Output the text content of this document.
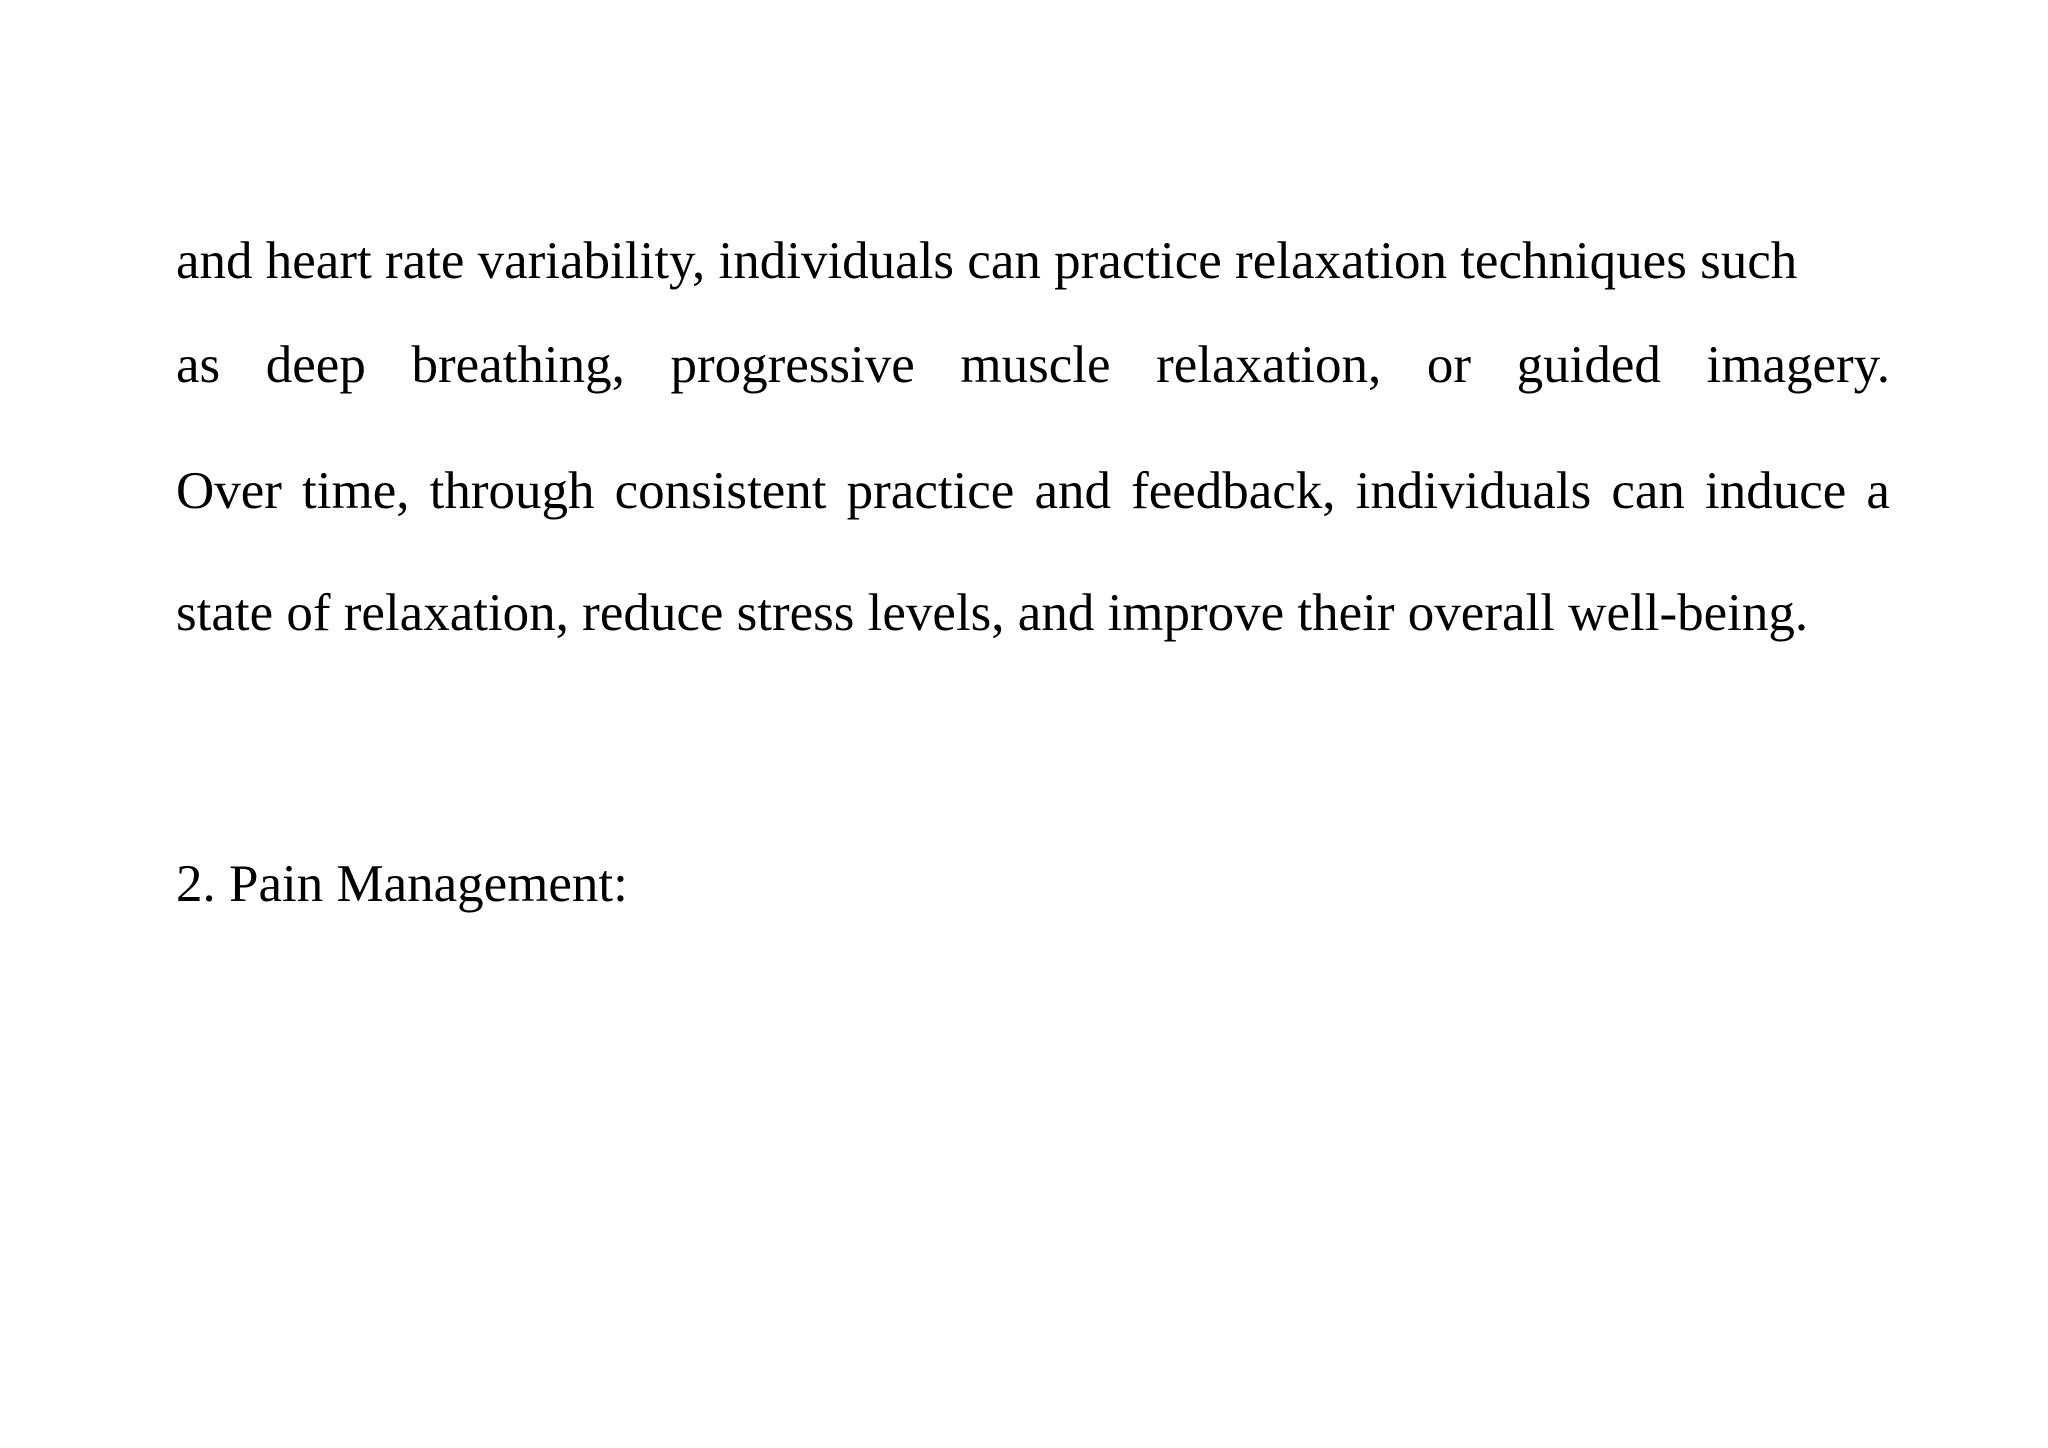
and heart rate variability, individuals can practice relaxation techniques such

as deep breathing, progressive muscle relaxation, or guided imagery.

Over time, through consistent practice and feedback, individuals can induce a

state of relaxation, reduce stress levels, and improve their overall well-being.

2. Pain Management:
